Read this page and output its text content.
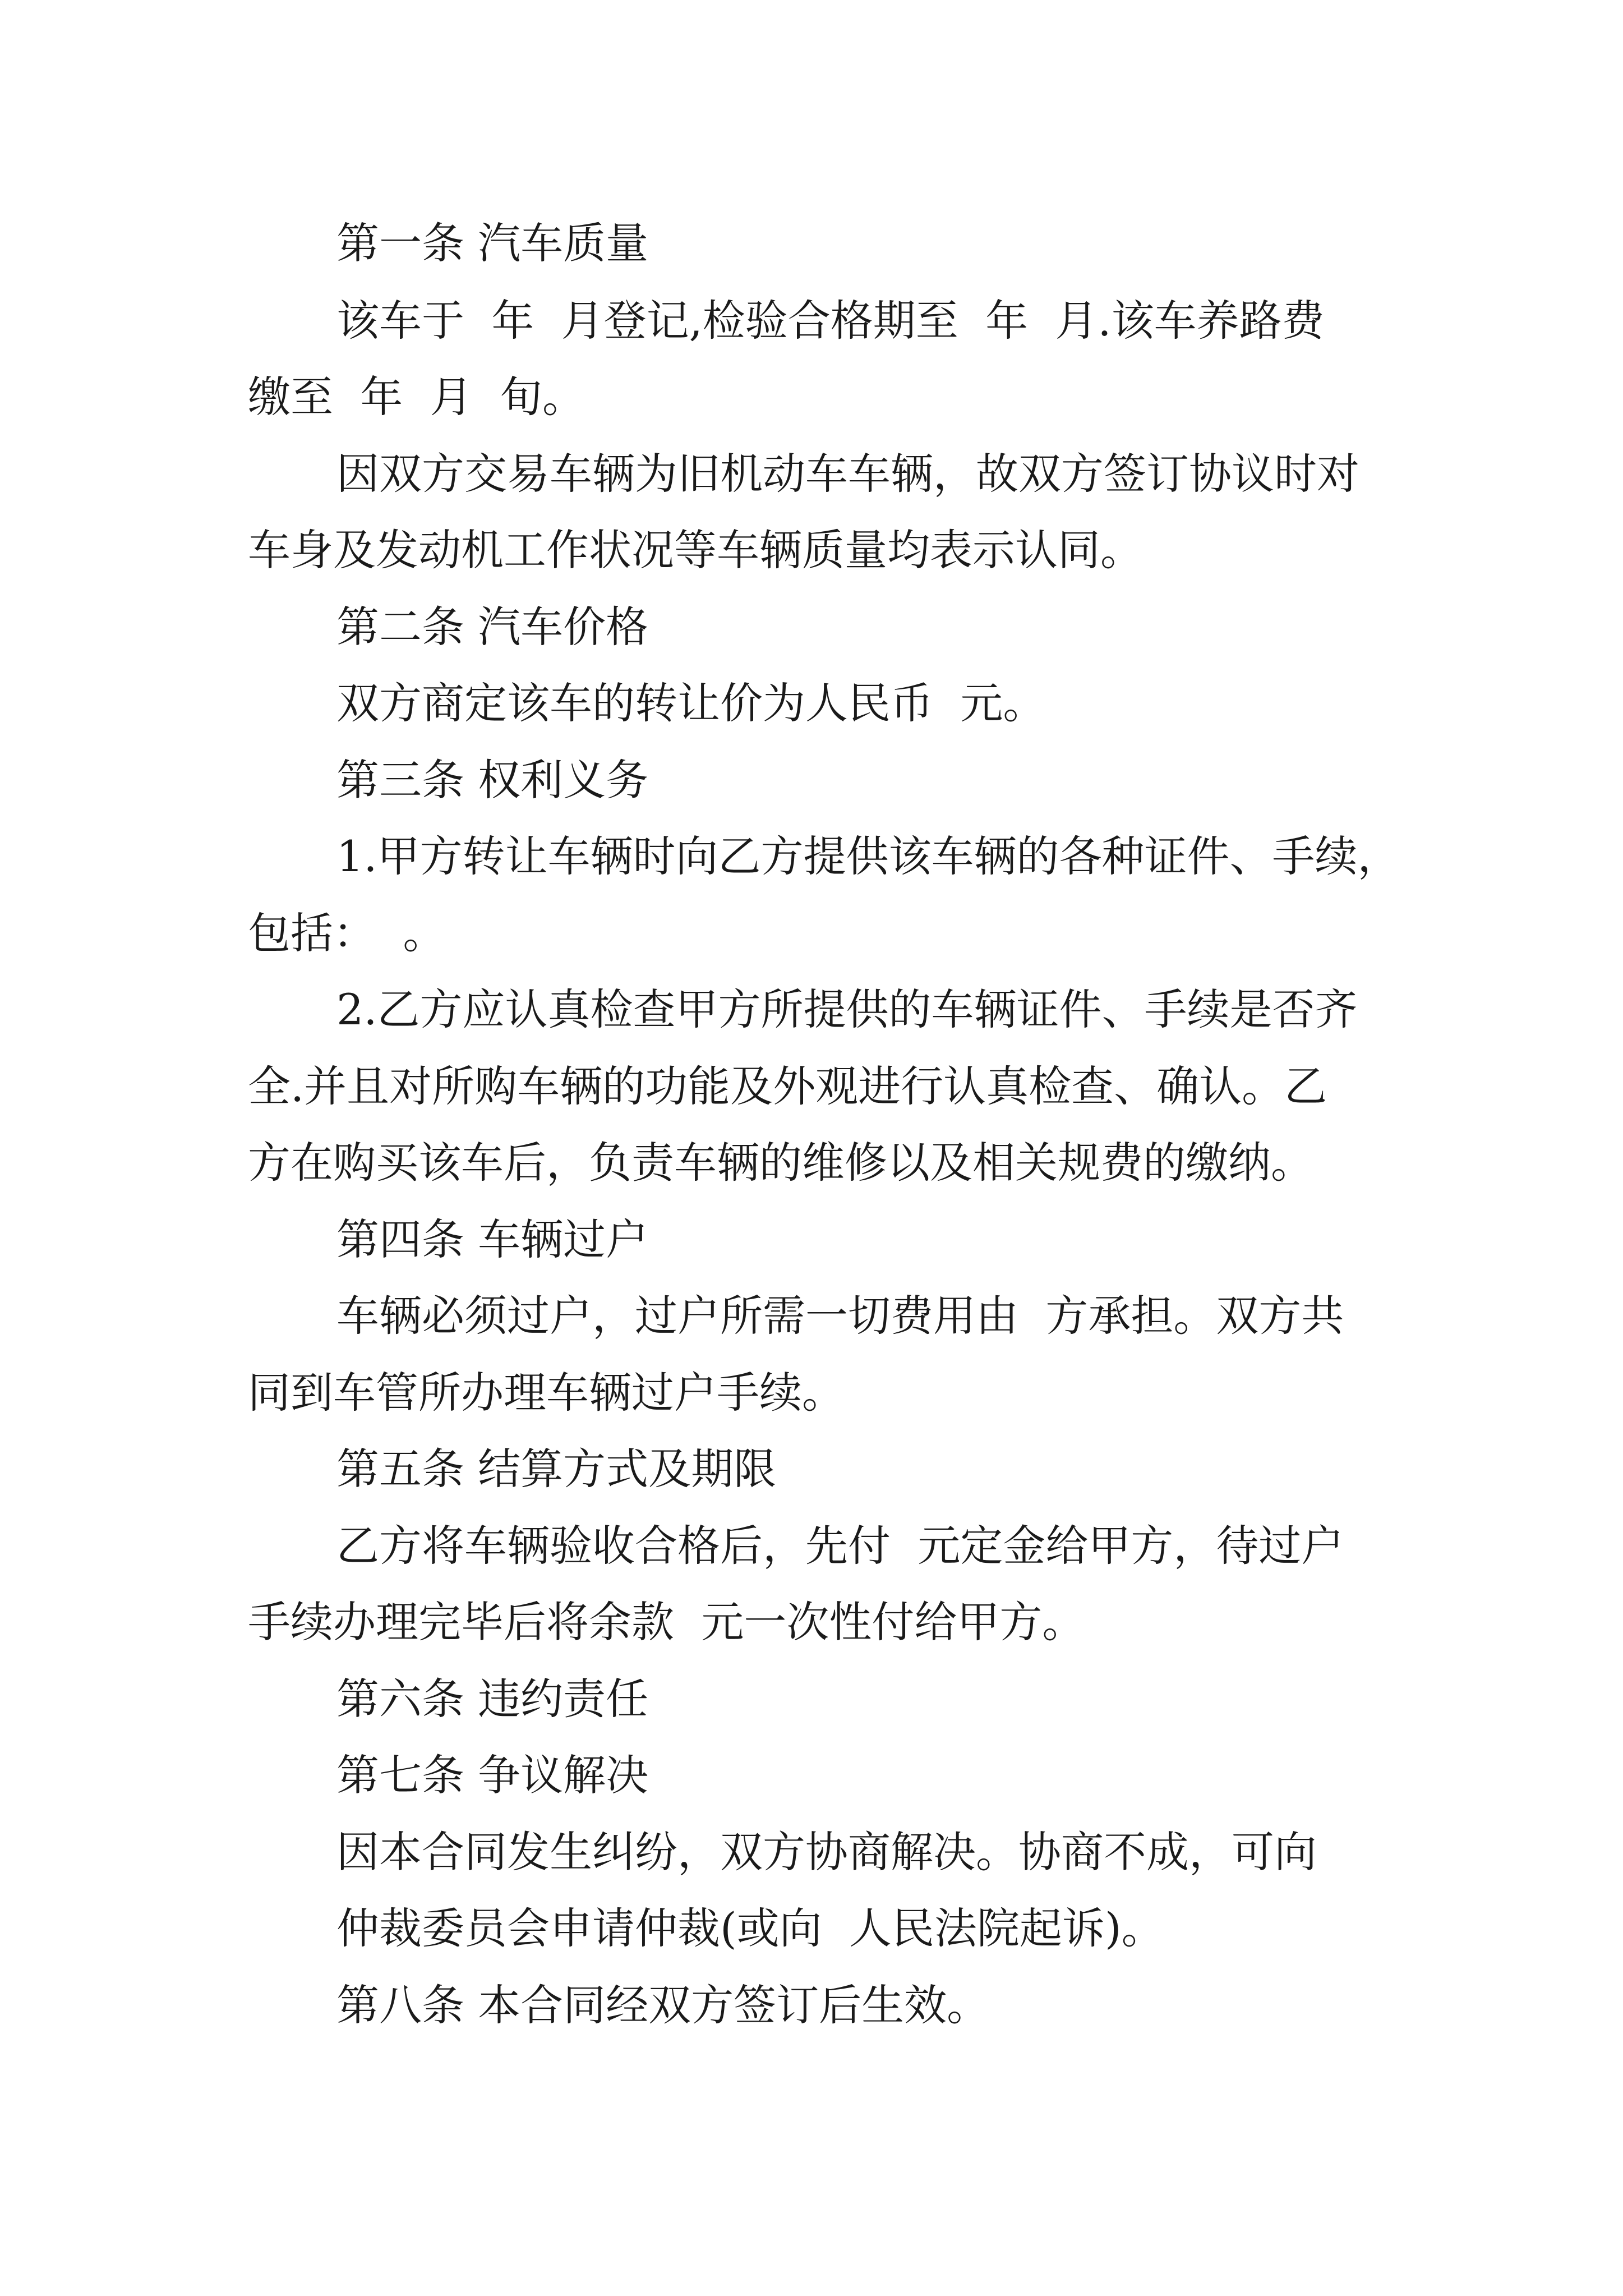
第一条 汽车质量

该车于  年  月登记,检验合格期至  年  月.该车养路费

缴至  年  月  旬。

因双方交易车辆为旧机动车车辆，故双方签订协议时对

车身及发动机工作状况等车辆质量均表示认同。

第二条 汽车价格

双方商定该车的转让价为人民币  元。

第三条 权利义务

1.甲方转让车辆时向乙方提供该车辆的各种证件、手续，

包括：  。

2.乙方应认真检查甲方所提供的车辆证件、手续是否齐

全.并且对所购车辆的功能及外观进行认真检查、确认。乙

方在购买该车后，负责车辆的维修以及相关规费的缴纳。

第四条 车辆过户

车辆必须过户，过户所需一切费用由  方承担。双方共

同到车管所办理车辆过户手续。

第五条 结算方式及期限

乙方将车辆验收合格后，先付  元定金给甲方，待过户

手续办理完毕后将余款  元一次性付给甲方。

第六条 违约责任

第七条 争议解决

因本合同发生纠纷，双方协商解决。协商不成，可向

仲裁委员会申请仲裁(或向  人民法院起诉)。

第八条 本合同经双方签订后生效。
